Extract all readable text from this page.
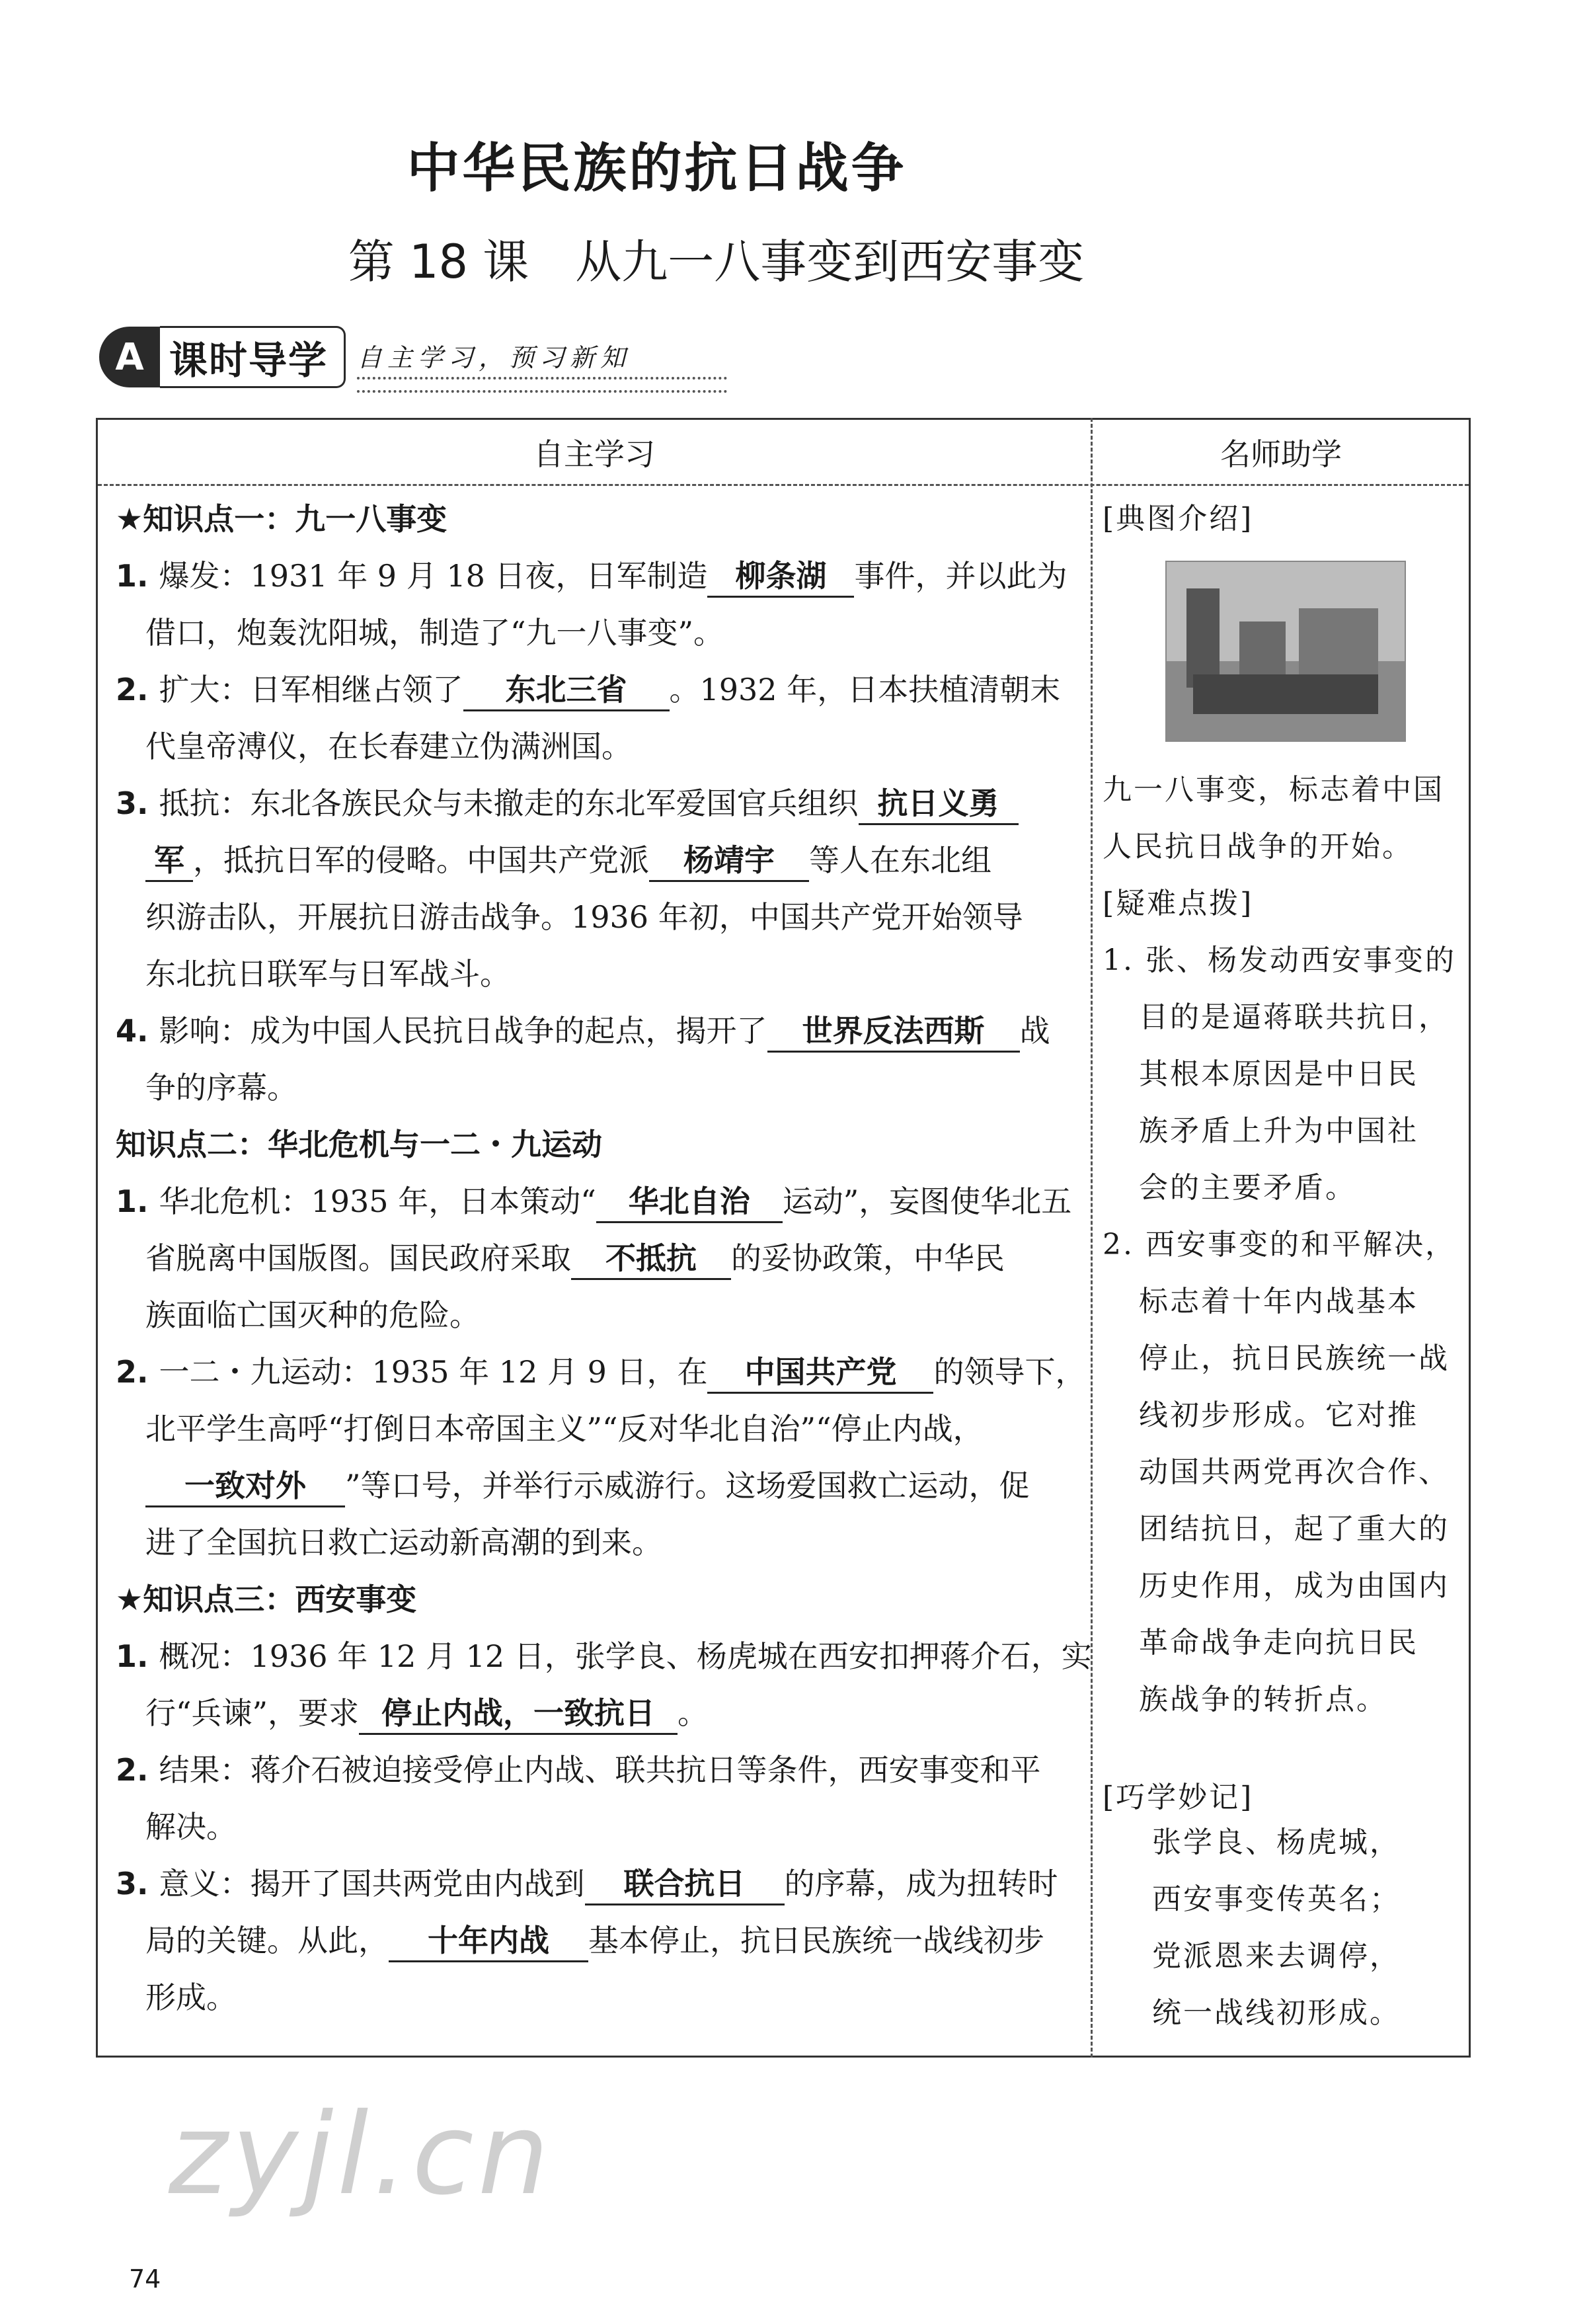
中华民族的抗日战争
第 18 课　从九一八事变到西安事变
A 课时导学	自主学习，预习新知
自主学习	名师助学
★知识点一：九一八事变
1. 爆发：1931 年 9 月 18 日夜，日军制造 柳条湖 事件，并以此为
借口，炮轰沈阳城，制造了“九一八事变”。
2. 扩大：日军相继占领了 东北三省 。1932 年，日本扶植清朝末
代皇帝溥仪，在长春建立伪满洲国。
3. 抵抗：东北各族民众与未撤走的东北军爱国官兵组织 抗日义勇
军 ，抵抗日军的侵略。中国共产党派 杨靖宇 等人在东北组
织游击队，开展抗日游击战争。1936 年初，中国共产党开始领导
东北抗日联军与日军战斗。
4. 影响：成为中国人民抗日战争的起点，揭开了 世界反法西斯 战
争的序幕。
知识点二：华北危机与一二・九运动
1. 华北危机：1935 年，日本策动“ 华北自治 运动”，妄图使华北五
省脱离中国版图。国民政府采取 不抵抗 的妥协政策，中华民
族面临亡国灭种的危险。
2. 一二・九运动：1935 年 12 月 9 日，在 中国共产党 的领导下，
北平学生高呼“打倒日本帝国主义”“反对华北自治”“停止内战，
一致对外 ”等口号，并举行示威游行。这场爱国救亡运动，促
进了全国抗日救亡运动新高潮的到来。
★知识点三：西安事变
1. 概况：1936 年 12 月 12 日，张学良、杨虎城在西安扣押蒋介石，实
行“兵谏”，要求 停止内战，一致抗日 。
2. 结果：蒋介石被迫接受停止内战、联共抗日等条件，西安事变和平
解决。
3. 意义：揭开了国共两党由内战到 联合抗日 的序幕，成为扭转时
局的关键。从此， 十年内战 基本停止，抗日民族统一战线初步
形成。
[典图介绍]
九一八事变，标志着中国
人民抗日战争的开始。
[疑难点拨]
1. 张、杨发动西安事变的
目的是逼蒋联共抗日，
其根本原因是中日民
族矛盾上升为中国社
会的主要矛盾。
2. 西安事变的和平解决，
标志着十年内战基本
停止，抗日民族统一战
线初步形成。它对推
动国共两党再次合作、
团结抗日，起了重大的
历史作用，成为由国内
革命战争走向抗日民
族战争的转折点。
[巧学妙记]
张学良、杨虎城，
西安事变传英名；
党派恩来去调停，
统一战线初形成。
zyjl.cn
74
